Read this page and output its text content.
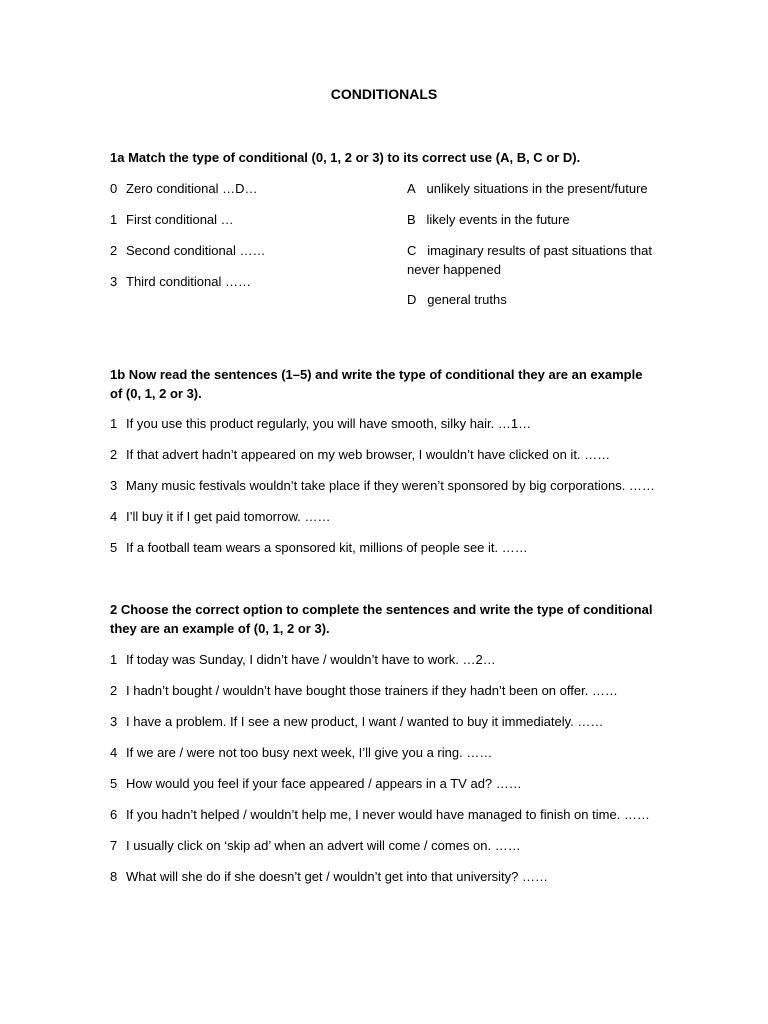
CONDITIONALS
1a Match the type of conditional (0, 1, 2 or 3) to its correct use (A, B, C or D).
0 Zero conditional …D…
1 First conditional …
2 Second conditional ……
3 Third conditional ……
A unlikely situations in the present/future
B likely events in the future
C imaginary results of past situations that never happened
D general truths
1b Now read the sentences (1–5) and write the type of conditional they are an example of (0, 1, 2 or 3).
1 If you use this product regularly, you will have smooth, silky hair. …1…
2 If that advert hadn’t appeared on my web browser, I wouldn’t have clicked on it. ……
3 Many music festivals wouldn’t take place if they weren’t sponsored by big corporations. ……
4 I’ll buy it if I get paid tomorrow. ……
5 If a football team wears a sponsored kit, millions of people see it. ……
2 Choose the correct option to complete the sentences and write the type of conditional they are an example of (0, 1, 2 or 3).
1 If today was Sunday, I didn’t have / wouldn’t have to work. …2…
2 I hadn’t bought / wouldn’t have bought those trainers if they hadn’t been on offer. ……
3 I have a problem. If I see a new product, I want / wanted to buy it immediately. ……
4 If we are / were not too busy next week, I’ll give you a ring. ……
5 How would you feel if your face appeared / appears in a TV ad? ……
6 If you hadn’t helped / wouldn’t help me, I never would have managed to finish on time. ……
7 I usually click on ‘skip ad’ when an advert will come / comes on. ……
8 What will she do if she doesn’t get / wouldn’t get into that university? ……
